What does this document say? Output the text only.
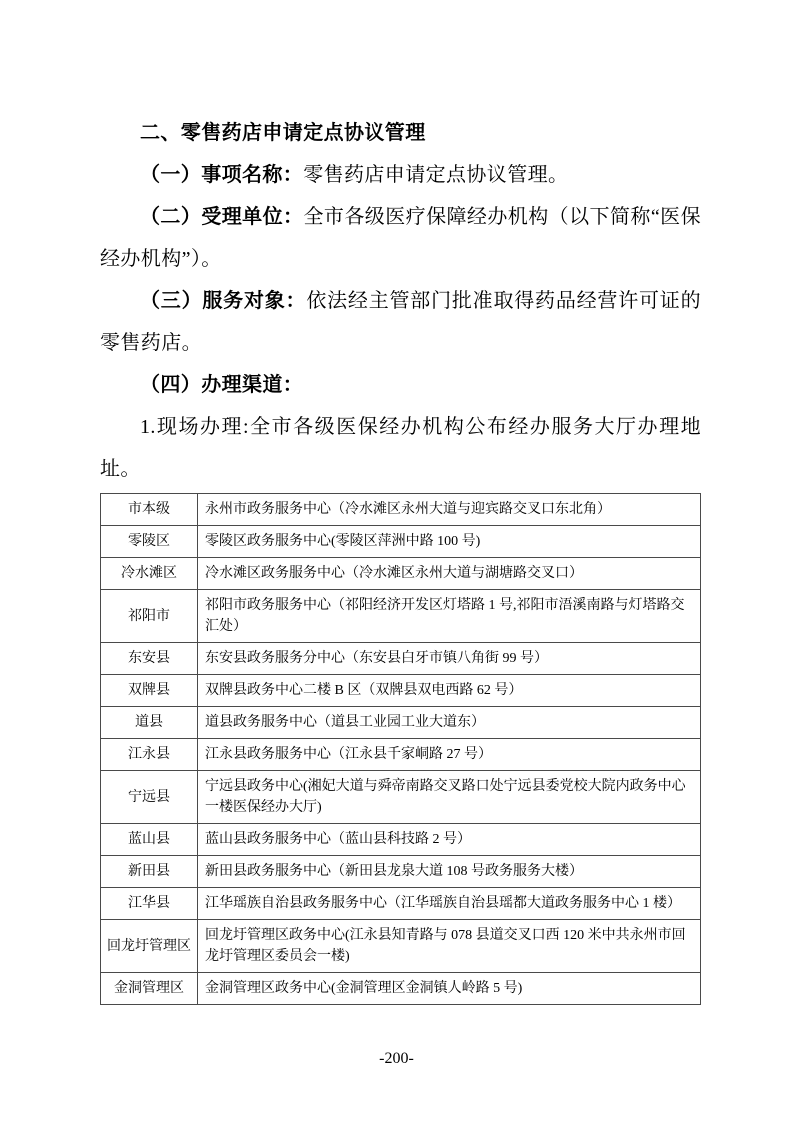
二、零售药店申请定点协议管理

（一）事项名称：零售药店申请定点协议管理。

（二）受理单位：全市各级医疗保障经办机构（以下简称“医保经办机构”）。

（三）服务对象：依法经主管部门批准取得药品经营许可证的零售药店。

（四）办理渠道：

1.现场办理:全市各级医保经办机构公布经办服务大厅办理地址。

市本级	永州市政务服务中心（冷水滩区永州大道与迎宾路交叉口东北角）
零陵区	零陵区政务服务中心(零陵区萍洲中路 100 号)
冷水滩区	冷水滩区政务服务中心（冷水滩区永州大道与湖塘路交叉口）
祁阳市	祁阳市政务服务中心（祁阳经济开发区灯塔路 1 号,祁阳市浯溪南路与灯塔路交汇处）
东安县	东安县政务服务分中心（东安县白牙市镇八角街 99 号）
双牌县	双牌县政务中心二楼 B 区（双牌县双电西路 62 号）
道县	道县政务服务中心（道县工业园工业大道东）
江永县	江永县政务服务中心（江永县千家峒路 27 号）
宁远县	宁远县政务中心(湘妃大道与舜帝南路交叉路口处宁远县委党校大院内政务中心一楼医保经办大厅)
蓝山县	蓝山县政务服务中心（蓝山县科技路 2 号）
新田县	新田县政务服务中心（新田县龙泉大道 108 号政务服务大楼）
江华县	江华瑶族自治县政务服务中心（江华瑶族自治县瑶都大道政务服务中心 1 楼）
回龙圩管理区	回龙圩管理区政务中心(江永县知青路与 078 县道交叉口西 120 米中共永州市回龙圩管理区委员会一楼)
金洞管理区	金洞管理区政务中心(金洞管理区金洞镇人岭路 5 号)
-200-
